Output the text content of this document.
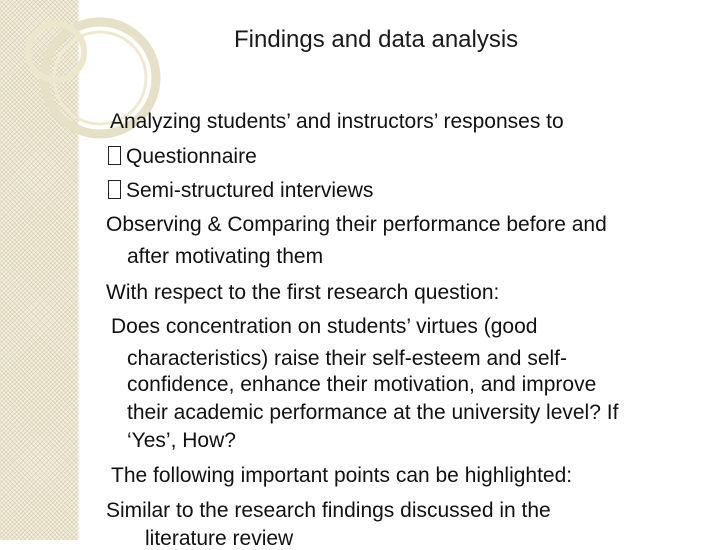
Findings and data analysis
Analyzing students’ and instructors’ responses to
Questionnaire
Semi-structured interviews
Observing & Comparing their performance before and
after motivating them
With respect to the first research question:
Does concentration on students’ virtues (good
characteristics) raise their self-esteem and self-
confidence, enhance their motivation, and improve
their academic performance at the university level? If
‘Yes’, How?
The following important points can be highlighted:
Similar to the research findings discussed in the
literature review
